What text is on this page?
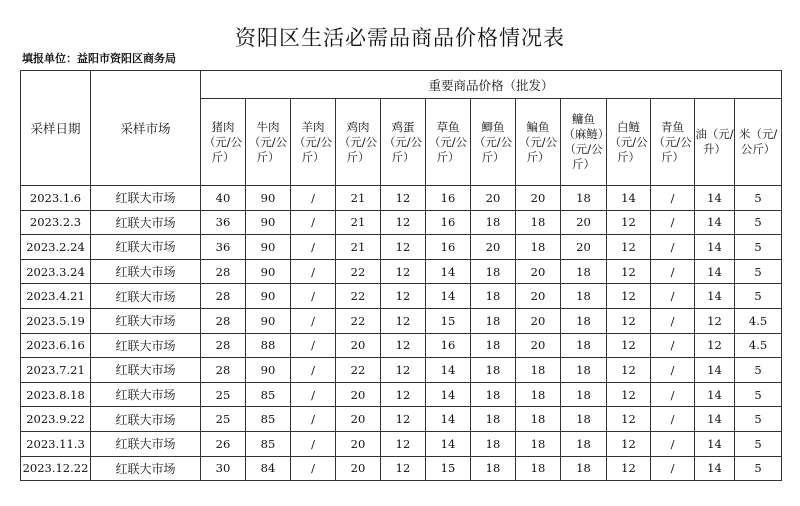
资阳区生活必需品商品价格情况表
填报单位：益阳市资阳区商务局
采样日期	采样市场	重要商品价格（批发）												
		猪肉（元/公斤）	牛肉（元/公斤）	羊肉（元/公斤）	鸡肉（元/公斤）	鸡蛋（元/公斤）	草鱼（元/公斤）	鲫鱼（元/公斤）	鳊鱼（元/公斤）	鳙鱼（麻鲢）（元/公斤）	白鲢（元/公斤）	青鱼（元/公斤）	油（元/升）	米（元/公斤）
2023.1.6	红联大市场	40	90	/	21	12	16	20	20	18	14	/	14	5
2023.2.3	红联大市场	36	90	/	21	12	16	18	18	20	12	/	14	5
2023.2.24	红联大市场	36	90	/	21	12	16	20	18	20	12	/	14	5
2023.3.24	红联大市场	28	90	/	22	12	14	18	20	18	12	/	14	5
2023.4.21	红联大市场	28	90	/	22	12	14	18	20	18	12	/	14	5
2023.5.19	红联大市场	28	90	/	22	12	15	18	20	18	12	/	12	4.5
2023.6.16	红联大市场	28	88	/	20	12	16	18	20	18	12	/	12	4.5
2023.7.21	红联大市场	28	90	/	22	12	14	18	18	18	12	/	14	5
2023.8.18	红联大市场	25	85	/	20	12	14	18	18	18	12	/	14	5
2023.9.22	红联大市场	25	85	/	20	12	14	18	18	18	12	/	14	5
2023.11.3	红联大市场	26	85	/	20	12	14	18	18	18	12	/	14	5
2023.12.22	红联大市场	30	84	/	20	12	15	18	18	18	12	/	14	5
